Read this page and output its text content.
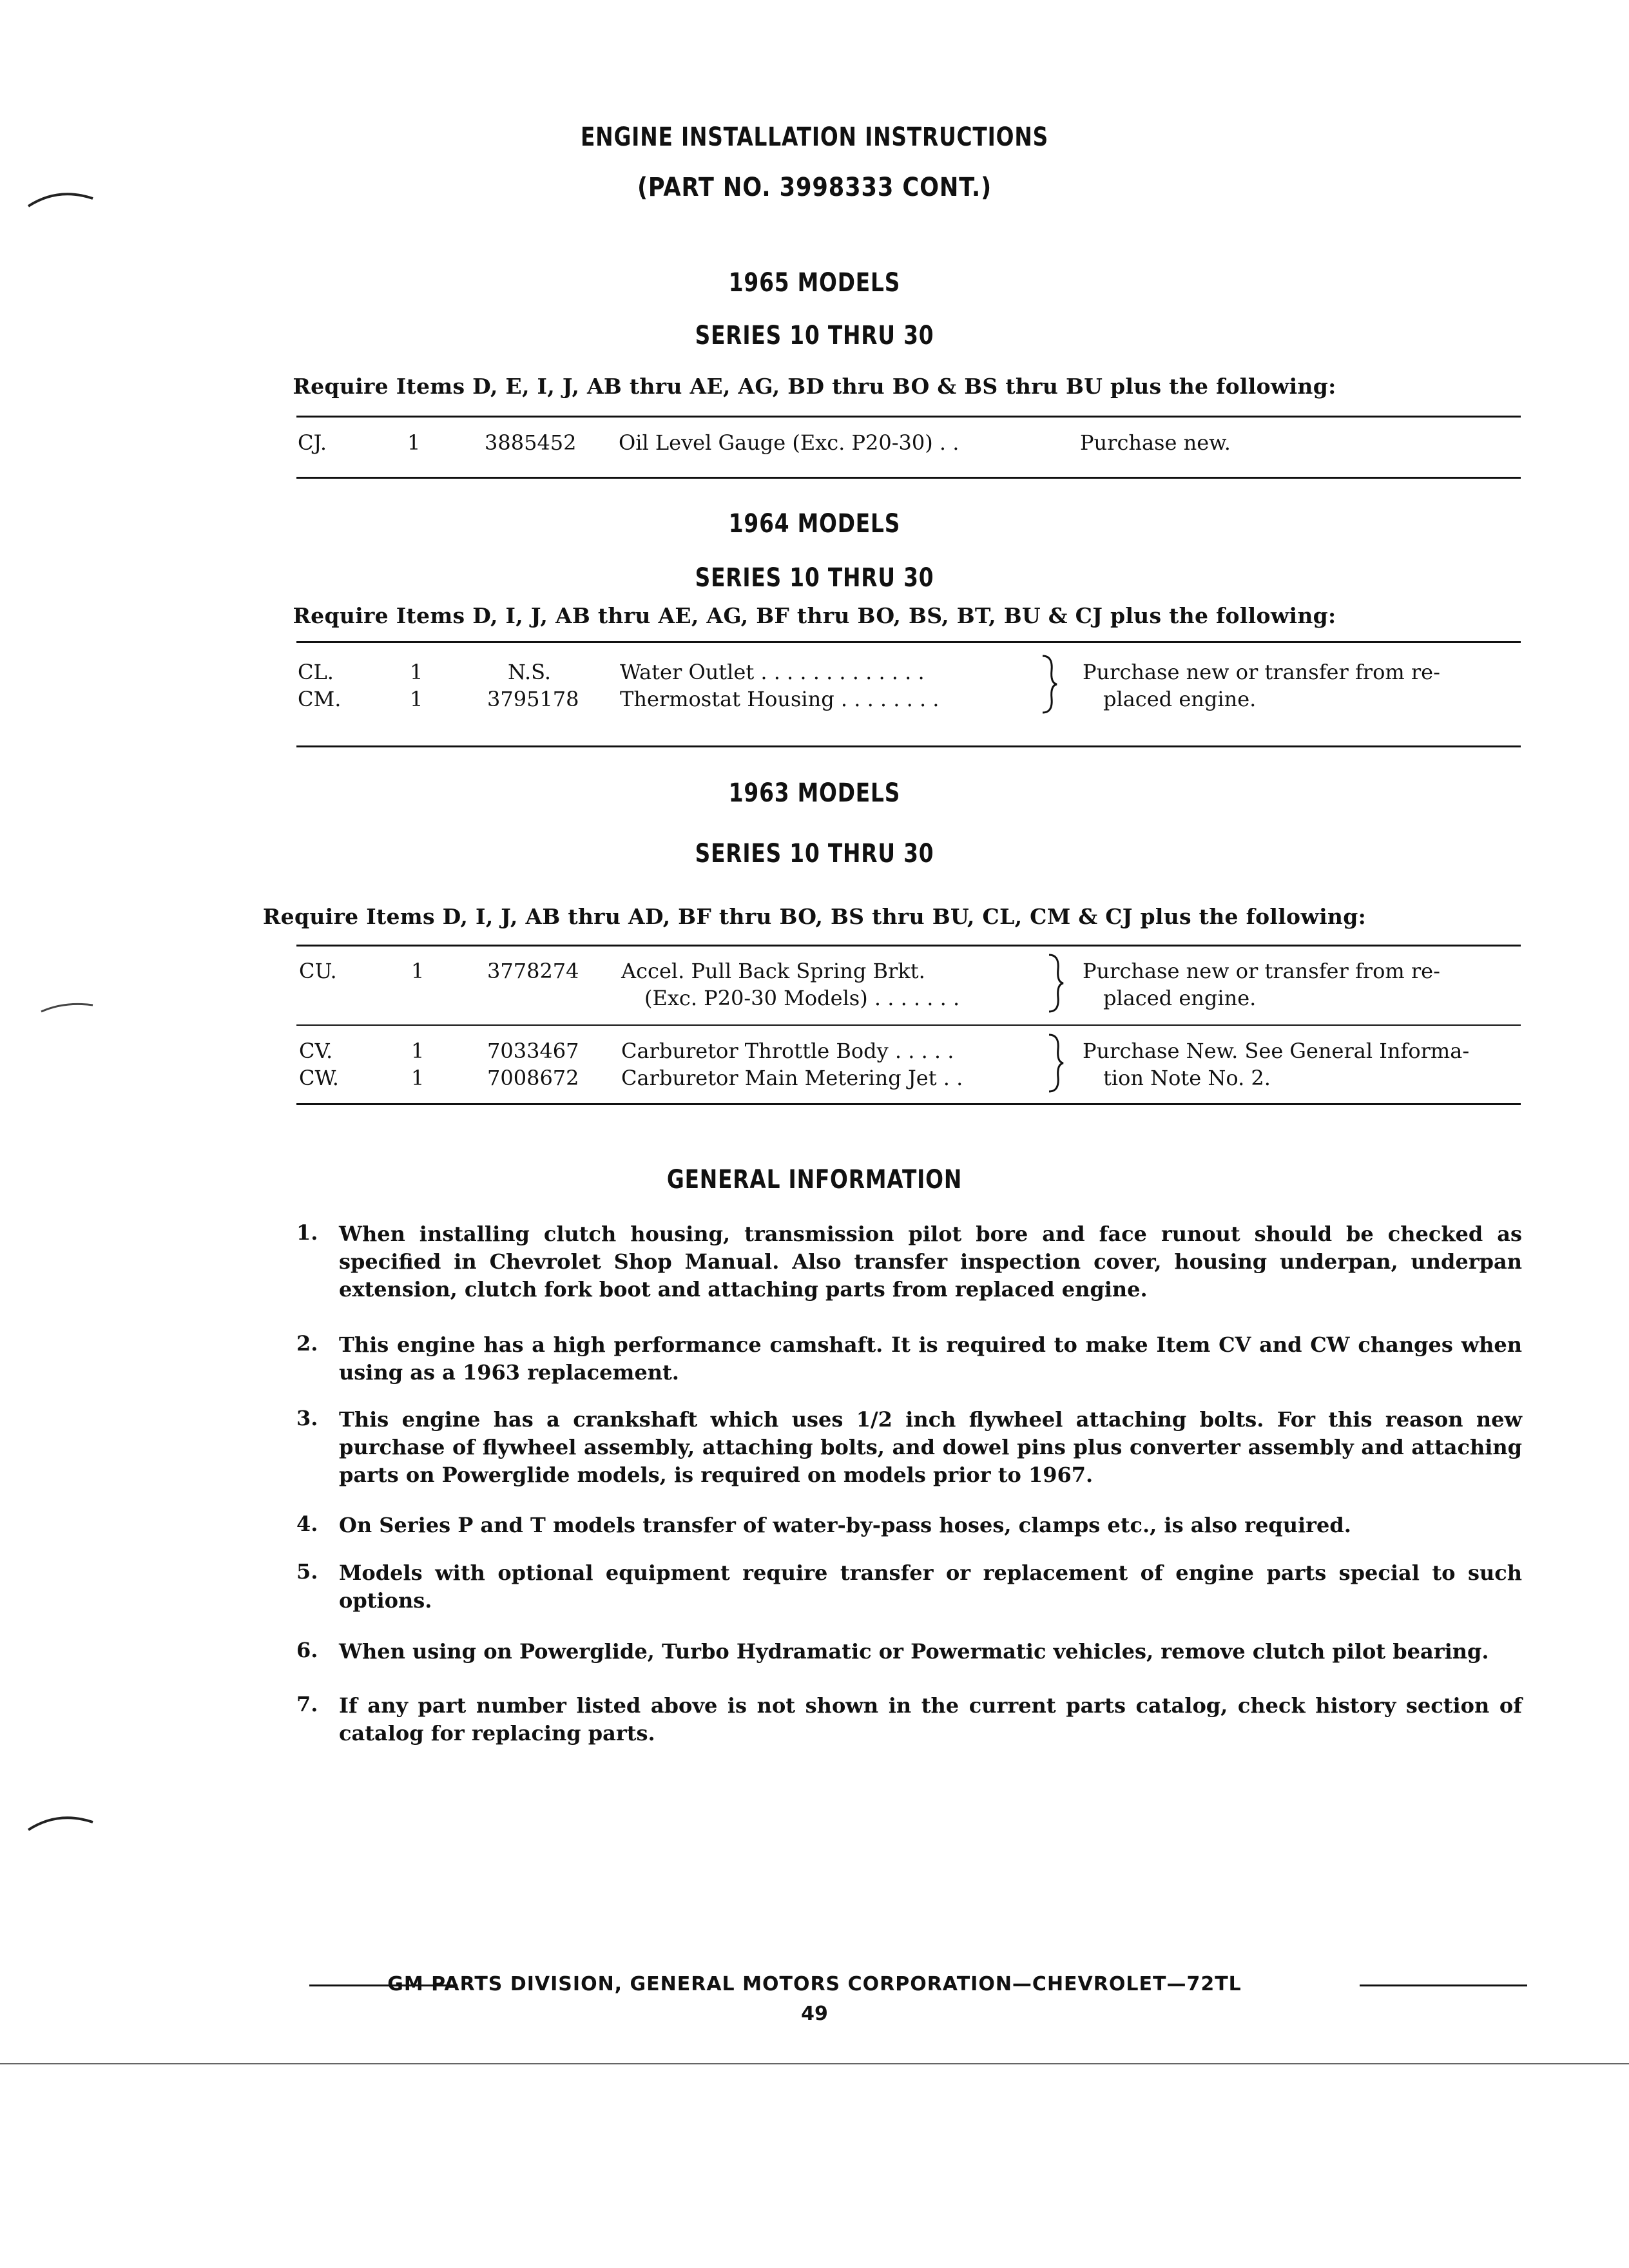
ENGINE INSTALLATION INSTRUCTIONS
(PART NO. 3998333 CONT.)
1965 MODELS
SERIES 10 THRU 30
Require Items D, E, I, J, AB thru AE, AG, BD thru BO & BS thru BU plus the following:
CJ.	1	3885452 Oil Level Gauge (Exc. P20-30) . .	Purchase new.
1964 MODELS
SERIES 10 THRU 30
Require Items D, I, J, AB thru AE, AG, BF thru BO, BS, BT, BU & CJ plus the following:
CL.	1	N.S.	Water Outlet . . . . . . . . . . . . .	Purchase new or transfer from re-
CM.	1	3795178 Thermostat Housing . . . . . . . .	placed engine.
1963 MODELS
SERIES 10 THRU 30
Require Items D, I, J, AB thru AD, BF thru BO, BS thru BU, CL, CM & CJ plus the following:
CU.	1	3778274 Accel. Pull Back Spring Brkt.	Purchase new or transfer from re-
(Exc. P20-30 Models) . . . . . . .	placed engine.
CV.	1	7033467 Carburetor Throttle Body . . . . .	Purchase New. See General Informa-
CW.	1	7008672 Carburetor Main Metering Jet . .	tion Note No. 2.
GENERAL INFORMATION
1. When installing clutch housing, transmission pilot bore and face runout should be checked as specified in Chevrolet Shop Manual. Also transfer inspection cover, housing underpan, underpan extension, clutch fork boot and attaching parts from replaced engine.
2. This engine has a high performance camshaft. It is required to make Item CV and CW changes when using as a 1963 replacement.
3. This engine has a crankshaft which uses 1/2 inch flywheel attaching bolts. For this reason new purchase of flywheel assembly, attaching bolts, and dowel pins plus converter assembly and attaching parts on Powerglide models, is required on models prior to 1967.
4. On Series P and T models transfer of water-by-pass hoses, clamps etc., is also required.
5. Models with optional equipment require transfer or replacement of engine parts special to such options.
6. When using on Powerglide, Turbo Hydramatic or Powermatic vehicles, remove clutch pilot bearing.
7. If any part number listed above is not shown in the current parts catalog, check history section of catalog for replacing parts.
GM PARTS DIVISION, GENERAL MOTORS CORPORATION—CHEVROLET—72TL
49
